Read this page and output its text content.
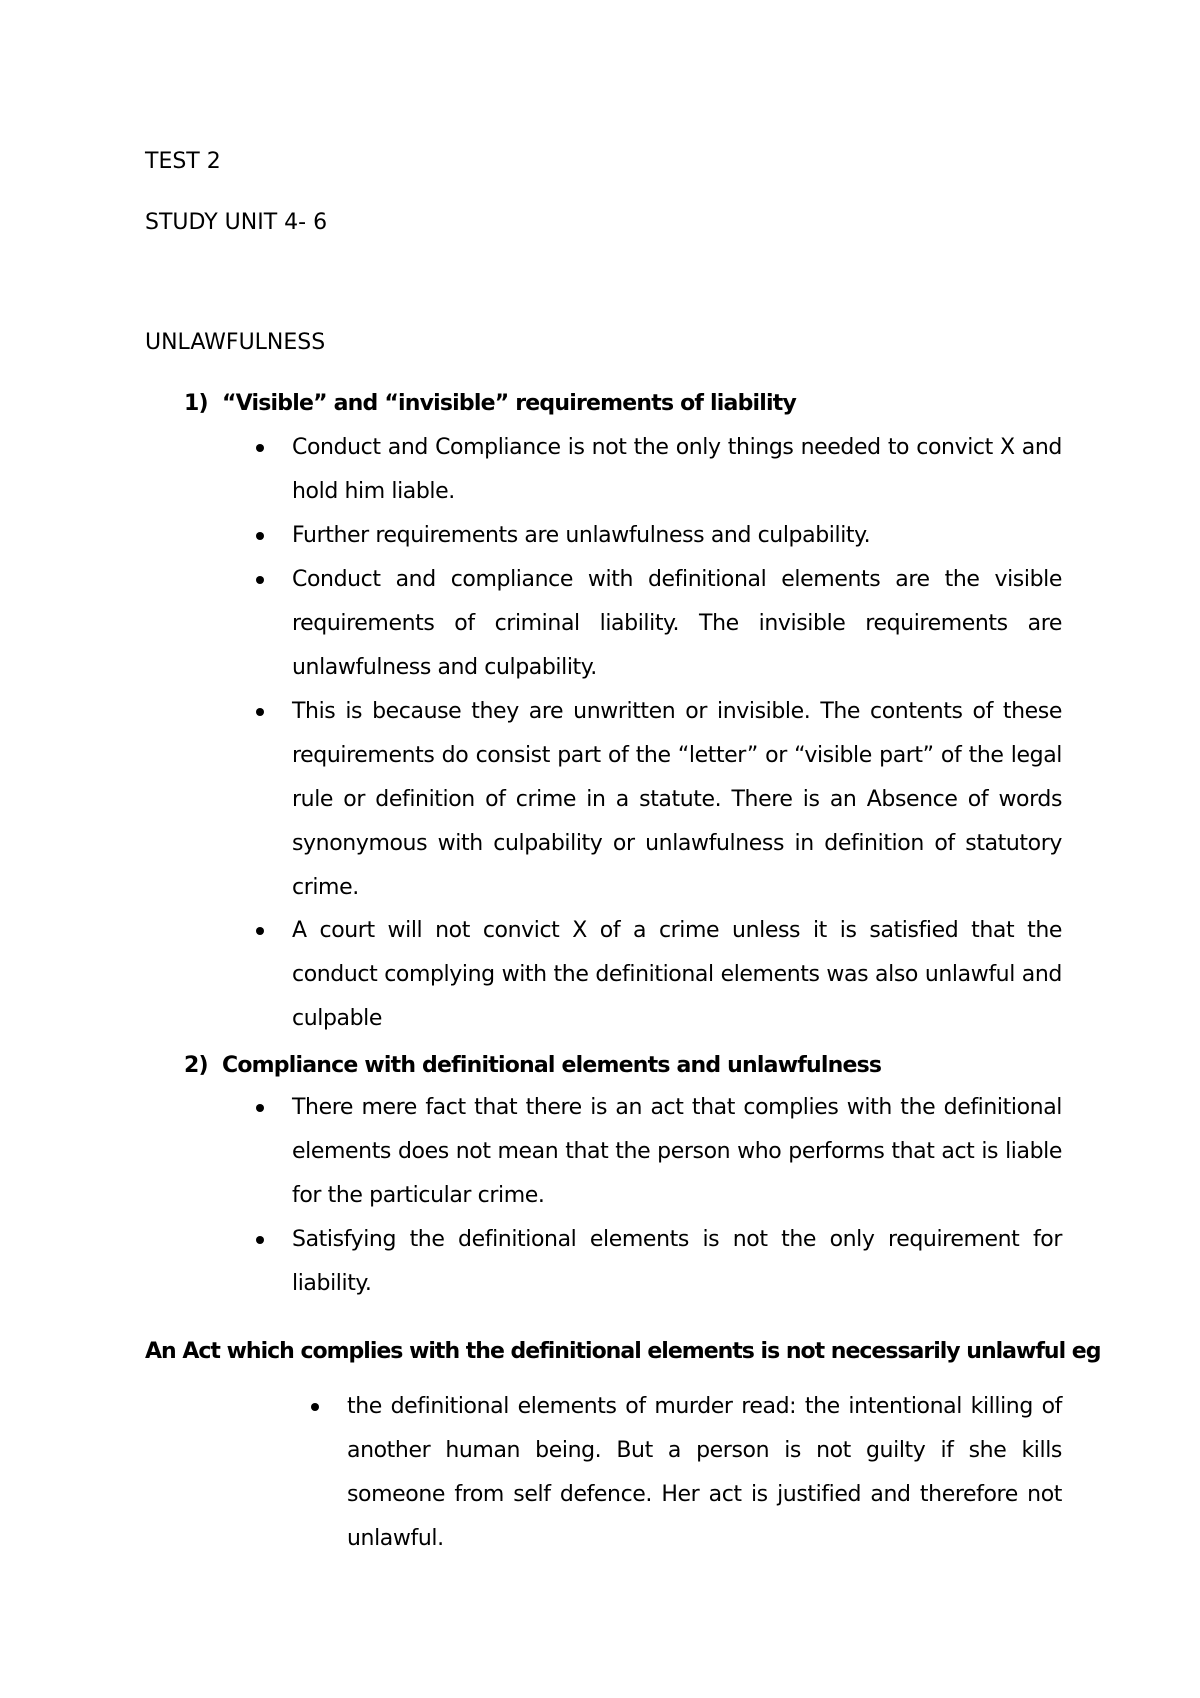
TEST 2
STUDY UNIT 4- 6
UNLAWFULNESS
1) “Visible” and “invisible” requirements of liability
Conduct and Compliance is not the only things needed to convict X and hold him liable.
Further requirements are unlawfulness and culpability.
Conduct and compliance with definitional elements are the visible requirements of criminal liability. The invisible requirements are unlawfulness and culpability.
This is because they are unwritten or invisible. The contents of these requirements do consist part of the “letter” or “visible part” of the legal rule or definition of crime in a statute. There is an Absence of words synonymous with culpability or unlawfulness in definition of statutory crime.
A court will not convict X of a crime unless it is satisfied that the conduct complying with the definitional elements was also unlawful and culpable
2) Compliance with definitional elements and unlawfulness
There mere fact that there is an act that complies with the definitional elements does not mean that the person who performs that act is liable for the particular crime.
Satisfying the definitional elements is not the only requirement for liability.
An Act which complies with the definitional elements is not necessarily unlawful eg
the definitional elements of murder read: the intentional killing of another human being. But a person is not guilty if she kills someone from self defence. Her act is justified and therefore not unlawful.
